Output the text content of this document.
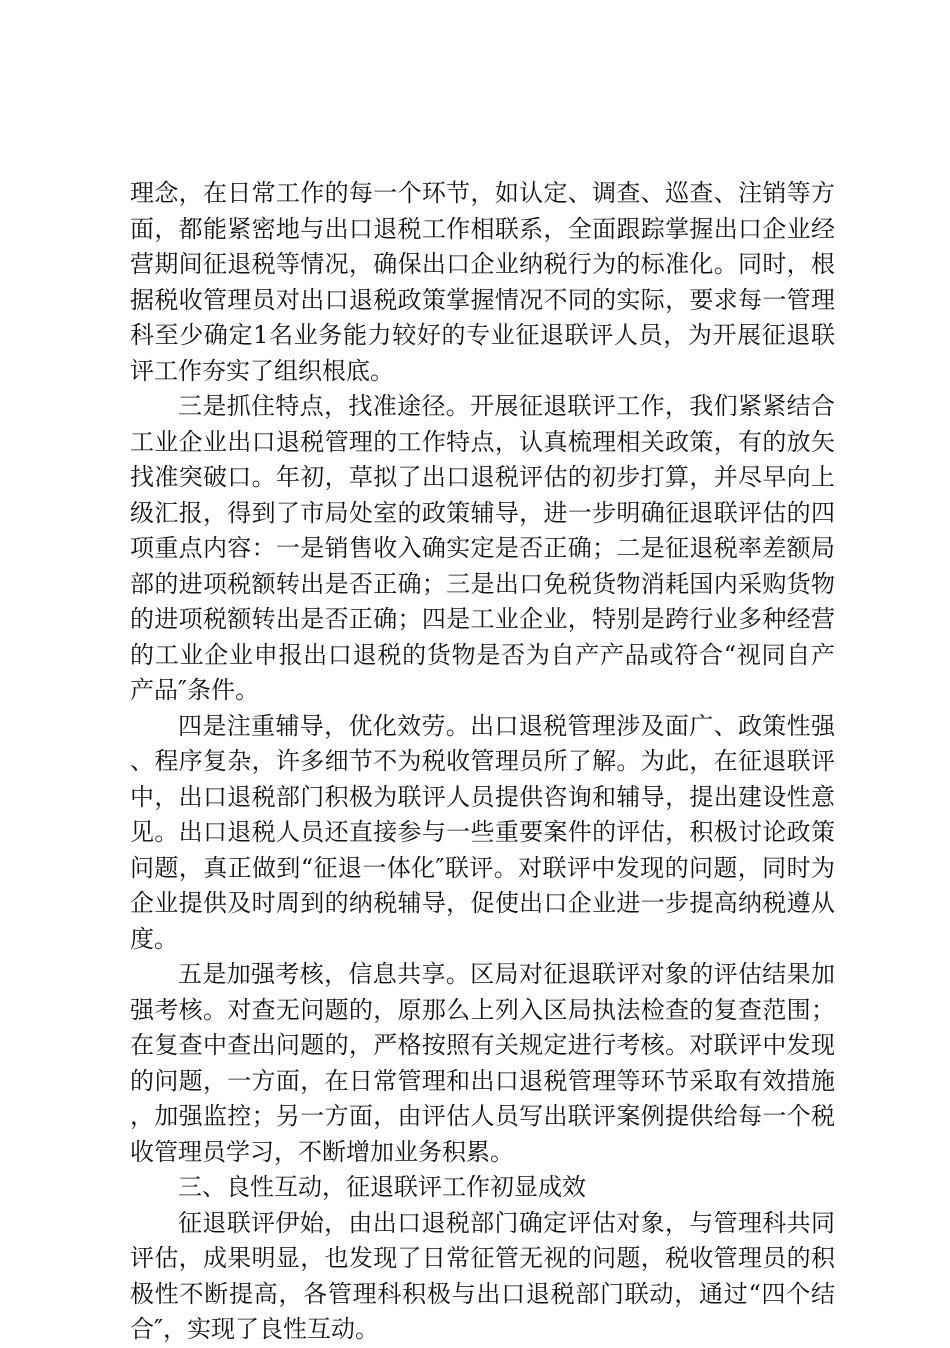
理念，在日常工作的每一个环节，如认定、调查、巡查、注销等方面，都能紧密地与出口退税工作相联系，全面跟踪掌握出口企业经营期间征退税等情况，确保出口企业纳税行为的标准化。同时，根据税收管理员对出口退税政策掌握情况不同的实际，要求每一管理科至少确定1名业务能力较好的专业征退联评人员，为开展征退联评工作夯实了组织根底。

三是抓住特点，找准途径。开展征退联评工作，我们紧紧结合工业企业出口退税管理的工作特点，认真梳理相关政策，有的放矢找准突破口。年初，草拟了出口退税评估的初步打算，并尽早向上级汇报，得到了市局处室的政策辅导，进一步明确征退联评估的四项重点内容：一是销售收入确实定是否正确；二是征退税率差额局部的进项税额转出是否正确；三是出口免税货物消耗国内采购货物的进项税额转出是否正确；四是工业企业，特别是跨行业多种经营的工业企业申报出口退税的货物是否为自产产品或符合“视同自产产品″条件。

四是注重辅导，优化效劳。出口退税管理涉及面广、政策性强、程序复杂，许多细节不为税收管理员所了解。为此，在征退联评中，出口退税部门积极为联评人员提供咨询和辅导，提出建设性意见。出口退税人员还直接参与一些重要案件的评估，积极讨论政策问题，真正做到“征退一体化″联评。对联评中发现的问题，同时为企业提供及时周到的纳税辅导，促使出口企业进一步提高纳税遵从度。

五是加强考核，信息共享。区局对征退联评对象的评估结果加强考核。对查无问题的，原那么上列入区局执法检查的复查范围；在复查中查出问题的，严格按照有关规定进行考核。对联评中发现的问题，一方面，在日常管理和出口退税管理等环节采取有效措施，加强监控；另一方面，由评估人员写出联评案例提供给每一个税收管理员学习，不断增加业务积累。

三、良性互动，征退联评工作初显成效

征退联评伊始，由出口退税部门确定评估对象，与管理科共同评估，成果明显，也发现了日常征管无视的问题，税收管理员的积极性不断提高，各管理科积极与出口退税部门联动，通过“四个结合″，实现了良性互动。
